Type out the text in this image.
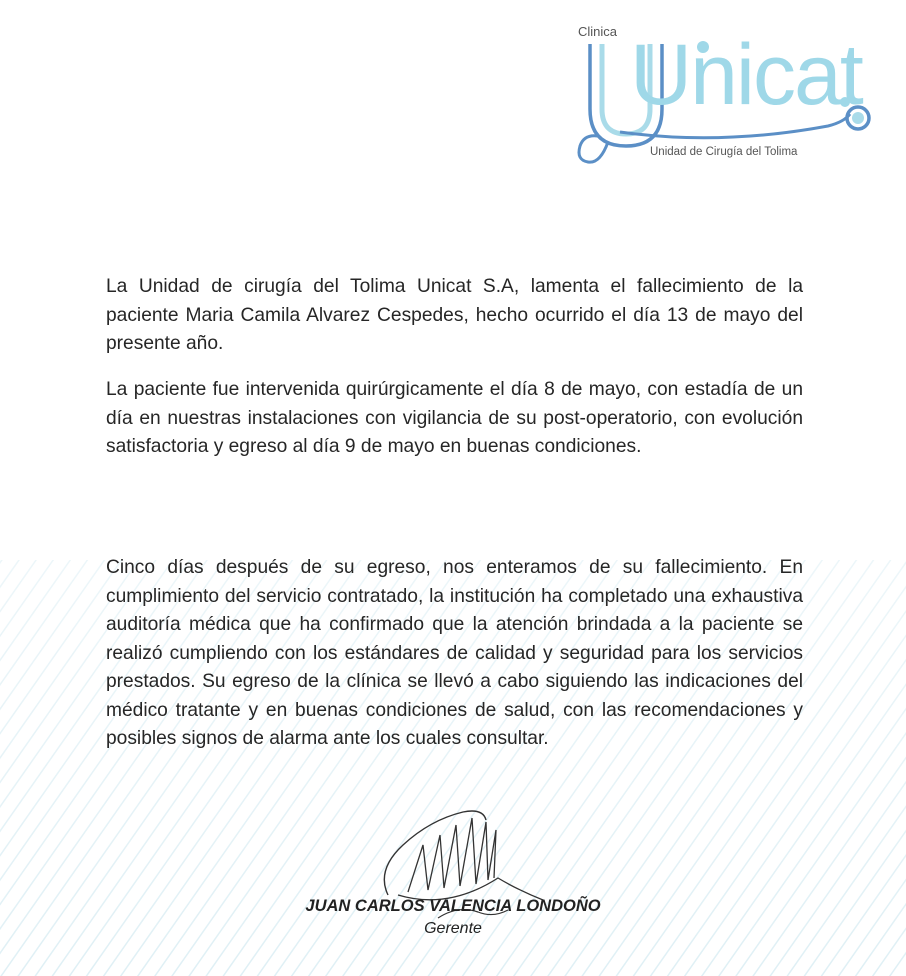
Clinica Unicat
Unidad de Cirugía del Tolima

La Unidad de cirugía del Tolima Unicat S.A, lamenta el fallecimiento de la paciente Maria Camila Alvarez Cespedes, hecho ocurrido el día 13 de mayo del presente año.

La paciente fue intervenida quirúrgicamente el día 8 de mayo, con estadía de un día en nuestras instalaciones con vigilancia de su post-operatorio, con evolución satisfactoria y egreso al día 9 de mayo en buenas condiciones.

Cinco días después de su egreso, nos enteramos de su fallecimiento. En cumplimiento del servicio contratado, la institución ha completado una exhaustiva auditoría médica que ha confirmado que la atención brindada a la paciente se realizó cumpliendo con los estándares de calidad y seguridad para los servicios prestados. Su egreso de la clínica se llevó a cabo siguiendo las indicaciones del médico tratante y en buenas condiciones de salud, con las recomendaciones y posibles signos de alarma ante los cuales consultar.

JUAN CARLOS VALENCIA LONDOÑO
Gerente
